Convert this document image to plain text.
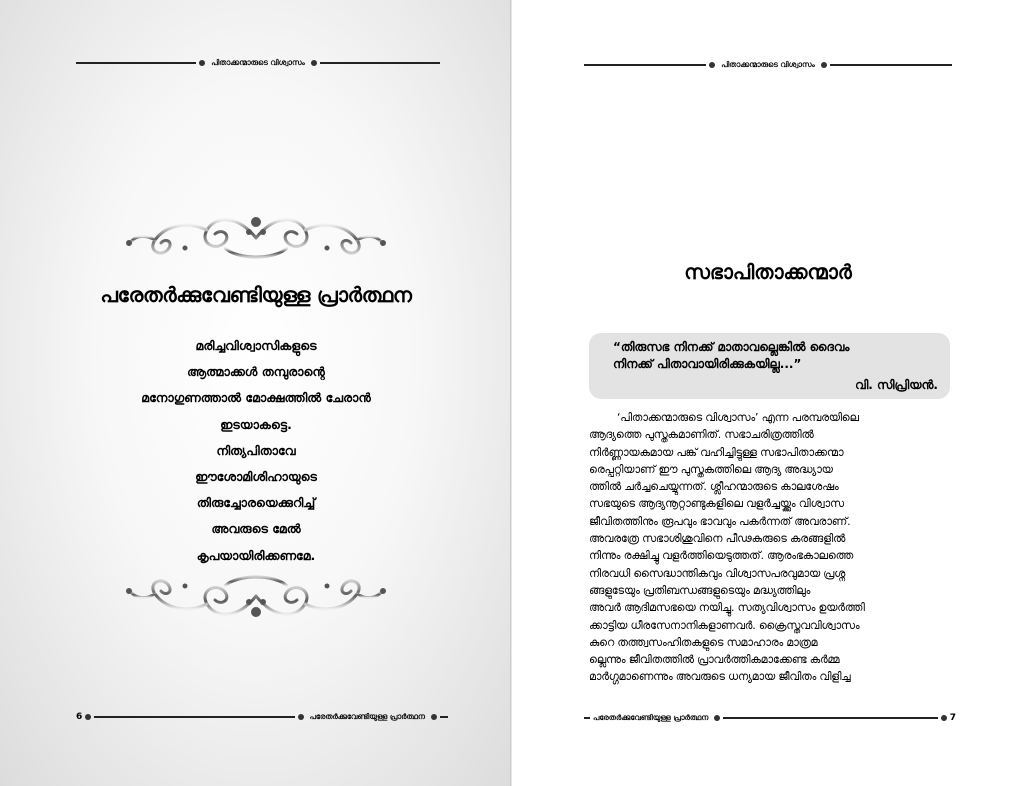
പിതാക്കന്മാരുടെ വിശ്വാസം
പരേതർക്കുവേണ്ടിയുള്ള പ്രാർത്ഥന
മരിച്ചവിശ്വാസികളുടെ
ആത്മാക്കൾ തമ്പുരാന്റെ
മനോഗുണത്താൽ മോക്ഷത്തിൽ ചേരാൻ
ഇടയാകട്ടെ.
നിത്യപിതാവേ
ഈശോമിശിഹായുടെ
തിരുച്ചോരയെക്കുറിച്ച്
അവരുടെ മേൽ
കൃപയായിരിക്കണമേ.
6	പരേതർക്കുവേണ്ടിയുള്ള പ്രാർത്ഥന
പിതാക്കന്മാരുടെ വിശ്വാസം
സഭാപിതാക്കന്മാർ
“തിരുസഭ നിനക്ക് മാതാവല്ലെങ്കിൽ ദൈവം
നിനക്ക് പിതാവായിരിക്കുകയില്ല...”
വി. സിപ്രിയൻ.
‘പിതാക്കന്മാരുടെ വിശ്വാസം’ എന്ന പരമ്പരയിലെ
ആദ്യത്തെ പുസ്തകമാണിത്. സഭാചരിത്രത്തിൽ
നിർണ്ണായകമായ പങ്ക് വഹിച്ചിട്ടുള്ള സഭാപിതാക്കന്മാ
രെപ്പറ്റിയാണ് ഈ പുസ്തകത്തിലെ ആദ്യ അദ്ധ്യായ
ത്തിൽ ചർച്ചചെയ്യുന്നത്. ശ്ലീഹന്മാരുടെ കാലശേഷം
സഭയുടെ ആദ്യനൂറ്റാണ്ടുകളിലെ വളർച്ചയ്ക്കും വിശ്വാസ
ജീവിതത്തിനും രൂപവും ഭാവവും പകർന്നത് അവരാണ്.
അവരത്രേ സഭാശിശുവിനെ പീഢകരുടെ കരങ്ങളിൽ
നിന്നും രക്ഷിച്ചു വളർത്തിയെടുത്തത്. ആരംഭകാലത്തെ
നിരവധി സൈദ്ധാന്തികവും വിശ്വാസപരവുമായ പ്രശ്ന
ങ്ങളുടേയും പ്രതിബന്ധങ്ങളുടെയും മദ്ധ്യത്തിലും
അവർ ആദിമസഭയെ നയിച്ചു. സത്യവിശ്വാസം ഉയർത്തി
ക്കാട്ടിയ ധീരസേനാനികളാണവർ. ക്രൈസ്തവവിശ്വാസം
കുറെ തത്ത്വസംഹിതകളുടെ സമാഹാരം മാത്രമ
ല്ലെന്നും ജീവിതത്തിൽ പ്രാവർത്തികമാക്കേണ്ട കർമ്മ
മാർഗ്ഗമാണെന്നും അവരുടെ ധന്യമായ ജീവിതം വിളിച്ച
പരേതർക്കുവേണ്ടിയുള്ള പ്രാർത്ഥന	7
